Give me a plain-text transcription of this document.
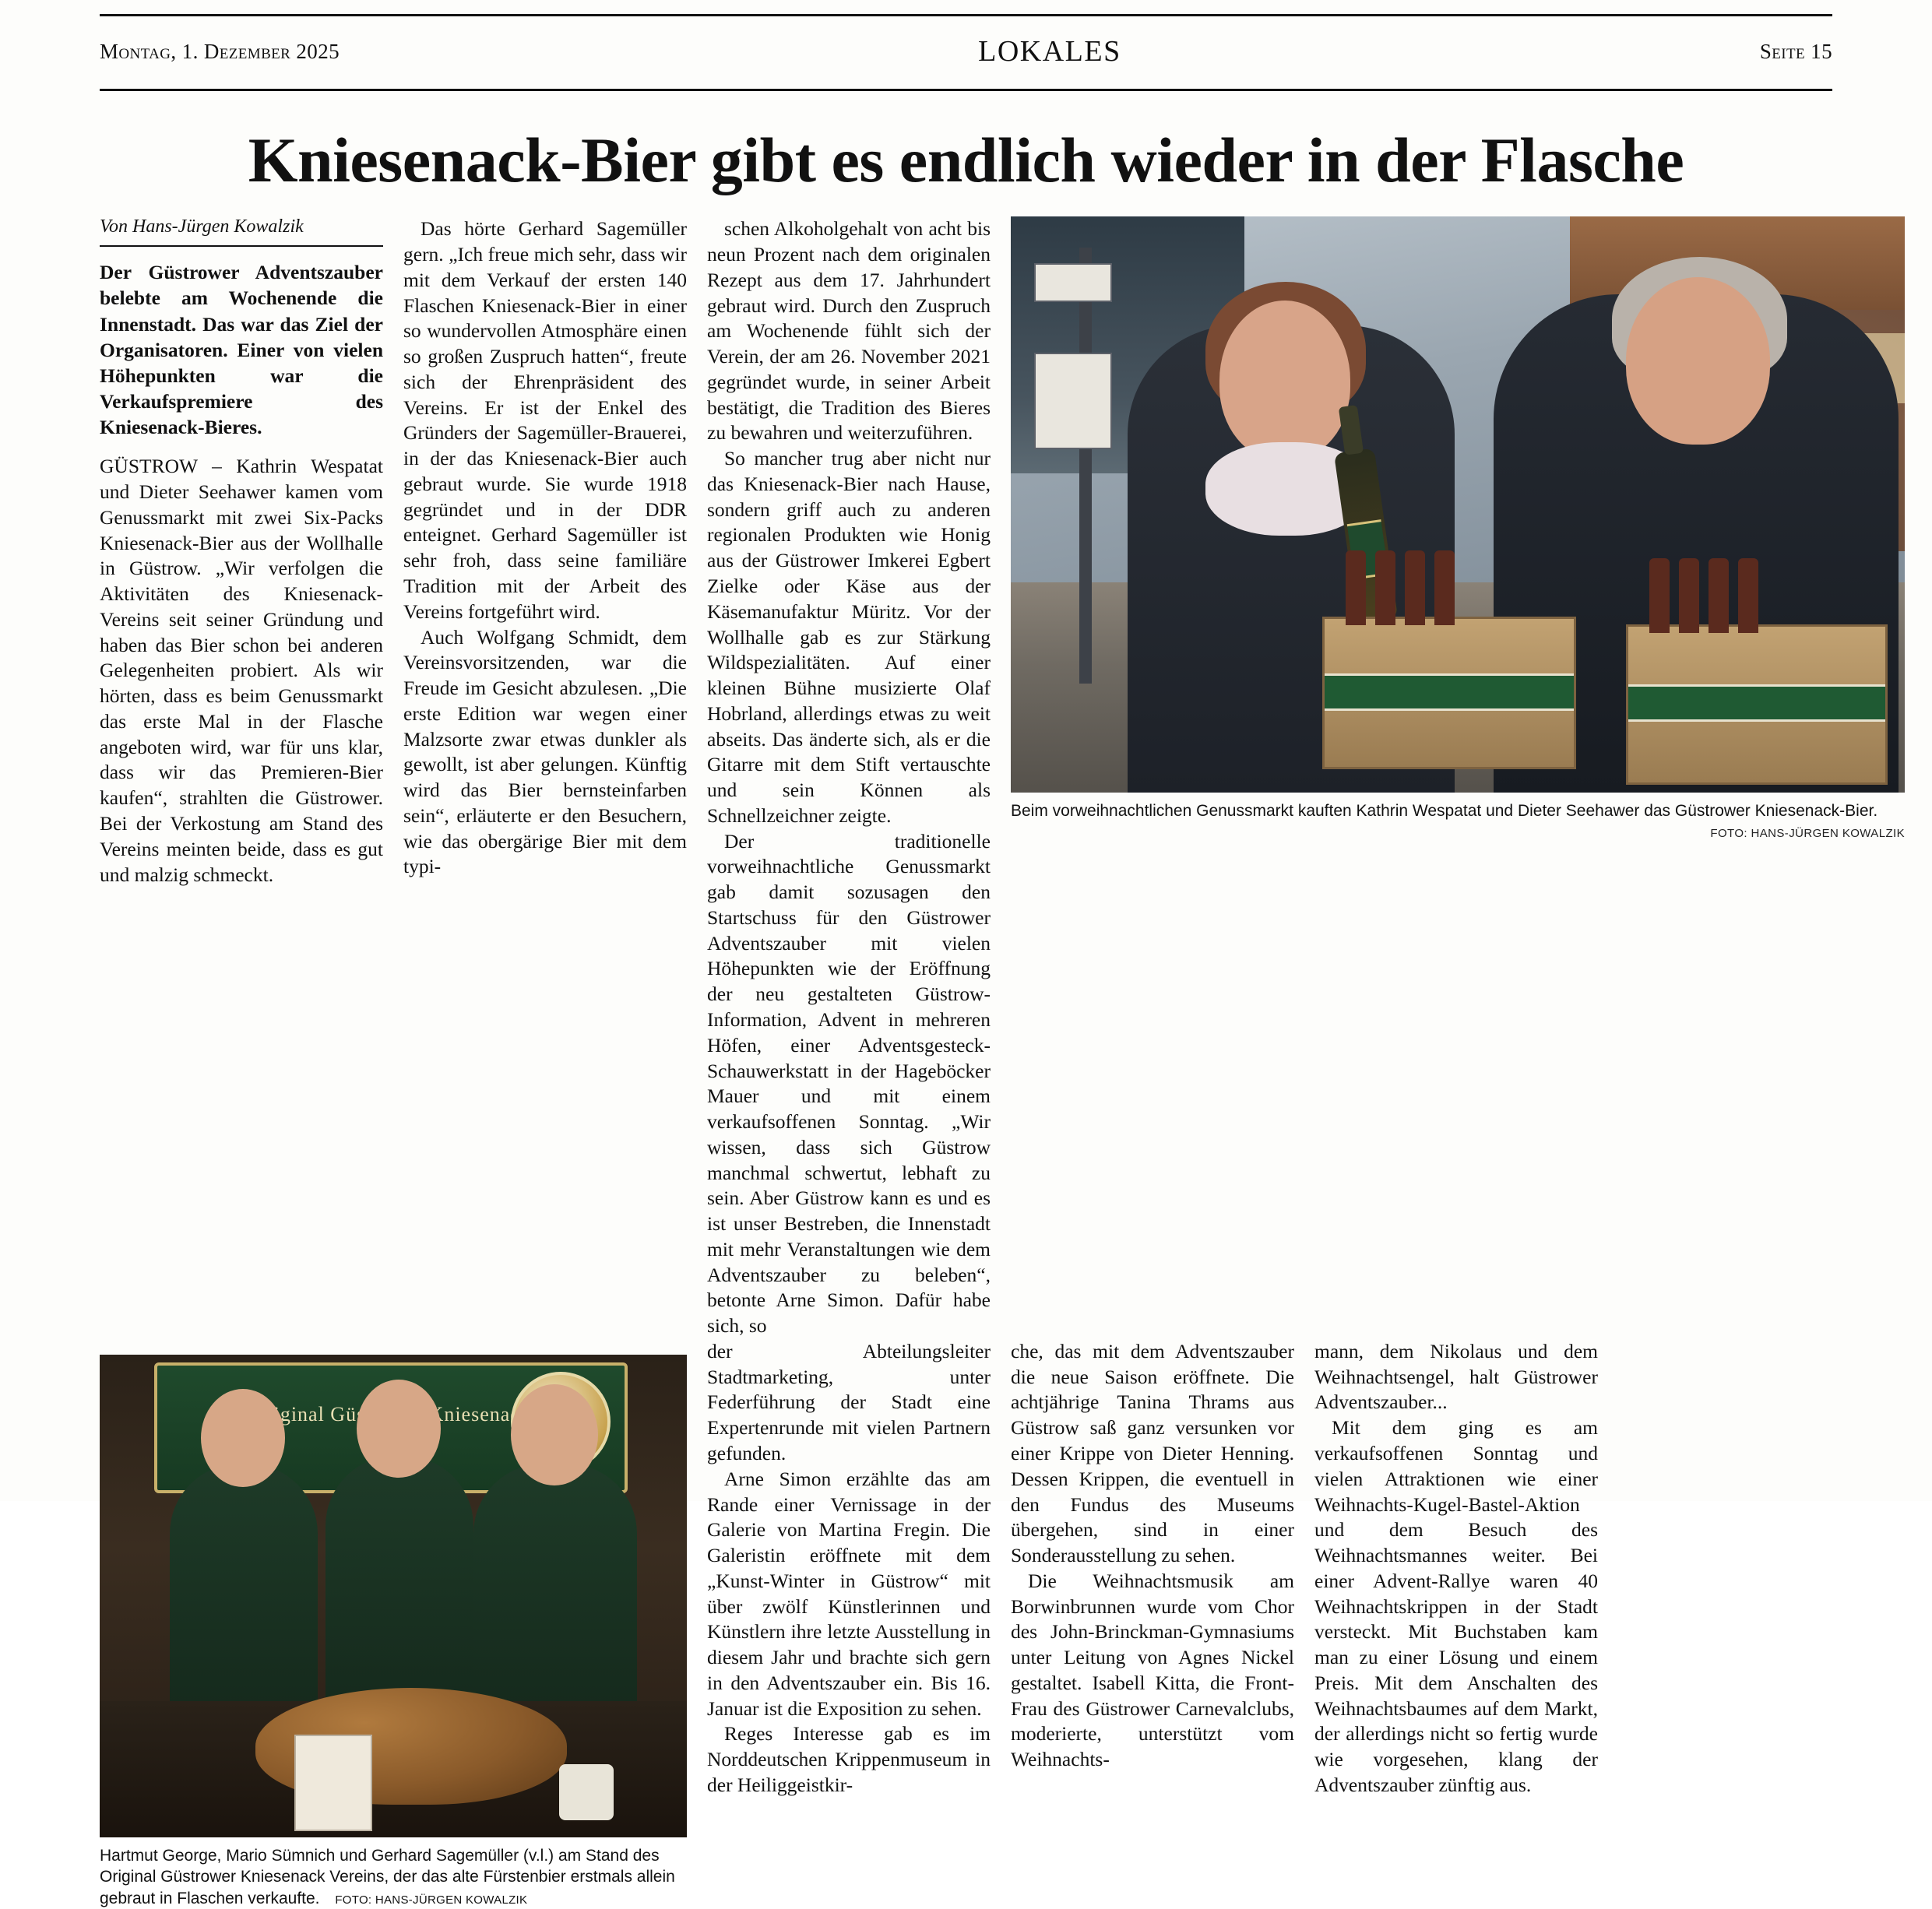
Montag, 1. Dezember 2025	LOKALES	Seite 15
Kniesenack-Bier gibt es endlich wieder in der Flasche
Von Hans-Jürgen Kowalzik

Der Güstrower Adventszauber belebte am Wochenende die Innenstadt. Das war das Ziel der Organisatoren. Einer von vielen Höhepunkten war die Verkaufspremiere des Kniesenack-Bieres.

GÜSTROW – Kathrin Wespatat und Dieter Seehawer kamen vom Genussmarkt mit zwei Six-Packs Kniesenack-Bier aus der Wollhalle in Güstrow. „Wir verfolgen die Aktivitäten des Kniesenack-Vereins seit seiner Gründung und haben das Bier schon bei anderen Gelegenheiten probiert. Als wir hörten, dass es beim Genussmarkt das erste Mal in der Flasche angeboten wird, war für uns klar, dass wir das Premieren-Bier kaufen“, strahlten die Güstrower. Bei der Verkostung am Stand des Vereins meinten beide, dass es gut und malzig schmeckt.

Das hörte Gerhard Sagemüller gern. „Ich freue mich sehr, dass wir mit dem Verkauf der ersten 140 Flaschen Kniesenack-Bier in einer so wundervollen Atmosphäre einen so großen Zuspruch hatten“, freute sich der Ehrenpräsident des Vereins. Er ist der Enkel des Gründers der Sagemüller-Brauerei, in der das Kniesenack-Bier auch gebraut wurde. Sie wurde 1918 gegründet und in der DDR enteignet. Gerhard Sagemüller ist sehr froh, dass seine familiäre Tradition mit der Arbeit des Vereins fortgeführt wird.

Auch Wolfgang Schmidt, dem Vereinsvorsitzenden, war die Freude im Gesicht abzulesen. „Die erste Edition war wegen einer Malzsorte zwar etwas dunkler als gewollt, ist aber gelungen. Künftig wird das Bier bernsteinfarben sein“, erläuterte er den Besuchern, wie das obergärige Bier mit dem typi-

schen Alkoholgehalt von acht bis neun Prozent nach dem originalen Rezept aus dem 17. Jahrhundert gebraut wird. Durch den Zuspruch am Wochenende fühlt sich der Verein, der am 26. November 2021 gegründet wurde, in seiner Arbeit bestätigt, die Tradition des Bieres zu bewahren und weiterzuführen.

So mancher trug aber nicht nur das Kniesenack-Bier nach Hause, sondern griff auch zu anderen regionalen Produkten wie Honig aus der Güstrower Imkerei Egbert Zielke oder Käse aus der Käsemanufaktur Müritz. Vor der Wollhalle gab es zur Stärkung Wildspezialitäten. Auf einer kleinen Bühne musizierte Olaf Hobrland, allerdings etwas zu weit abseits. Das änderte sich, als er die Gitarre mit dem Stift vertauschte und sein Können als Schnellzeichner zeigte.

Der traditionelle vorweihnachtliche Genussmarkt gab damit sozusagen den Startschuss für den Güstrower Adventszauber mit vielen Höhepunkten wie der Eröffnung der neu gestalteten Güstrow-Information, Advent in mehreren Höfen, einer Adventsgesteck-Schauwerkstatt in der Hageböcker Mauer und mit einem verkaufsoffenen Sonntag. „Wir wissen, dass sich Güstrow manchmal schwertut, lebhaft zu sein. Aber Güstrow kann es und es ist unser Bestreben, die Innenstadt mit mehr Veranstaltungen wie dem Adventszauber zu beleben“, betonte Arne Simon. Dafür habe sich, so

Beim vorweihnachtlichen Genussmarkt kauften Kathrin Wespatat und Dieter Seehawer das Güstrower Kniesenack-Bier.
FOTO: HANS-JÜRGEN KOWALZIK
Original Kniesenack
Hartmut George, Mario Sümnich und Gerhard Sagemüller (v.l.) am Stand des Original Güstrower Kniesenack Vereins, der das alte Fürstenbier erstmals allein gebraut in Flaschen verkaufte. FOTO: HANS-JÜRGEN KOWALZIK

der Abteilungsleiter Stadtmarketing, unter Federführung der Stadt eine Expertenrunde mit vielen Partnern gefunden.

Arne Simon erzählte das am Rande einer Vernissage in der Galerie von Martina Fregin. Die Galeristin eröffnete mit dem „Kunst-Winter in Güstrow“ mit über zwölf Künstlerinnen und Künstlern ihre letzte Ausstellung in diesem Jahr und brachte sich gern in den Adventszauber ein. Bis 16. Januar ist die Exposition zu sehen.

Reges Interesse gab es im Norddeutschen Krippenmuseum in der Heiliggeistkir-

che, das mit dem Adventszauber die neue Saison eröffnete. Die achtjährige Tanina Thrams aus Güstrow saß ganz versunken vor einer Krippe von Dieter Henning. Dessen Krippen, die eventuell in den Fundus des Museums übergehen, sind in einer Sonderausstellung zu sehen.

Die Weihnachtsmusik am Borwinbrunnen wurde vom Chor des John-Brinckman-Gymnasiums unter Leitung von Agnes Nickel gestaltet. Isabell Kitta, die Front-Frau des Güstrower Carnevalclubs, moderierte, unterstützt vom Weihnachts-

mann, dem Nikolaus und dem Weihnachtsengel, halt Güstrower Adventszauber...

Mit dem ging es am verkaufsoffenen Sonntag und vielen Attraktionen wie einer Weihnachts-Kugel-Bastel-Aktion und dem Besuch des Weihnachtsmannes weiter. Bei einer Advent-Rallye waren 40 Weihnachtskrippen in der Stadt versteckt. Mit Buchstaben kam man zu einer Lösung und einem Preis. Mit dem Anschalten des Weihnachtsbaumes auf dem Markt, der allerdings nicht so fertig wurde wie vorgesehen, klang der Adventszauber zünftig aus.
